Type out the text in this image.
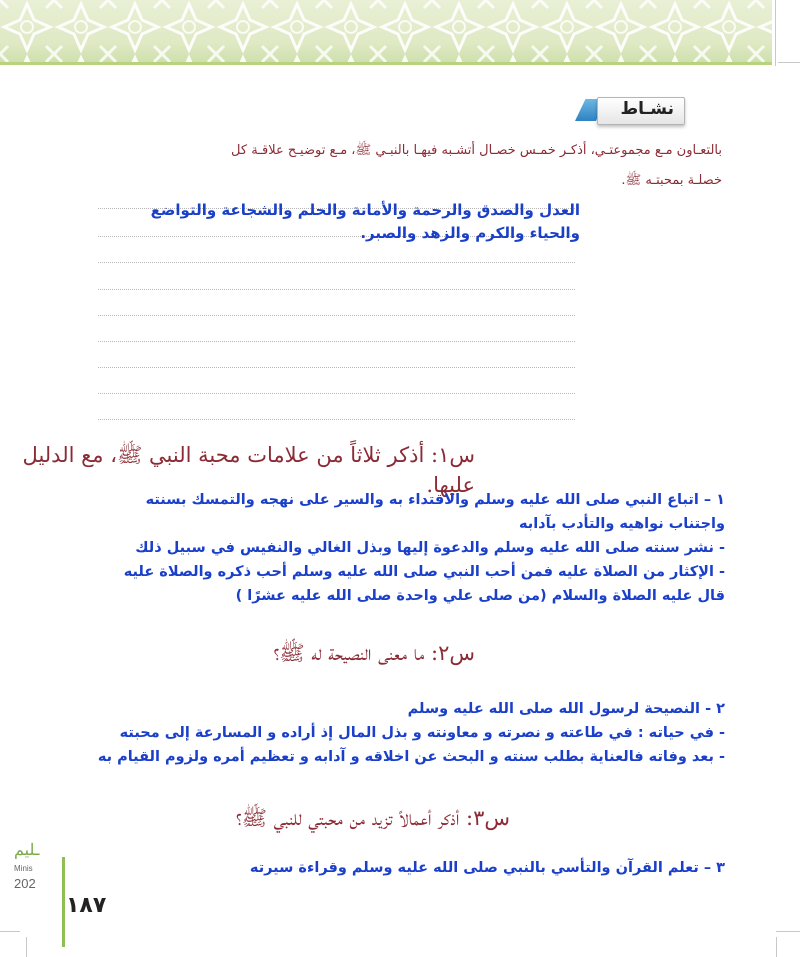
نشـاط
بالتعـاون مـع مجموعتـي، أذكـر خمـس خصـال أتشـبه فيهـا بالنبـي ﷺ، مـع توضيـح علاقـة كل
خصلـة بمحبتـه ﷺ.
العدل والصدق والرحمة والأمانة والحلم والشجاعة والتواضع والحياء والكرم والزهد والصبر.
س١: أذكر ثلاثاً من علامات محبة النبي ﷺ، مع الدليل عليها.
١ – اتباع النبي صلى الله عليه وسلم والاقتداء به والسير على نهجه والتمسك بسنته
واجتناب نواهيه والتأدب بآدابه
- نشر سنته صلى الله عليه وسلم والدعوة إليها وبذل الغالي والنفيس في سبيل ذلك
- الإكثار من الصلاة عليه فمن أحب النبي صلى الله عليه وسلم أحب ذكره والصلاة عليه
قال عليه الصلاة والسلام (من صلى علي واحدة صلى الله عليه عشرًا )
س٢: ما معنى النصيحة له ﷺ؟
٢ - النصيحة لرسول الله صلى الله عليه وسلم
- في حياته : في طاعته و نصرته و معاونته و بذل المال إذ أراده و المسارعة إلى محبته
- بعد وفاته فالعناية بطلب سنته و البحث عن اخلاقه و آدابه و تعظيم أمره ولزوم القيام به
س٣: أذكر أعمالاً تزيد من محبتي للنبي ﷺ؟
٣ – تعلم القرآن والتأسي بالنبي صلى الله عليه وسلم وقراءة سيرته
ـليم
Minis
202
١٨٧
